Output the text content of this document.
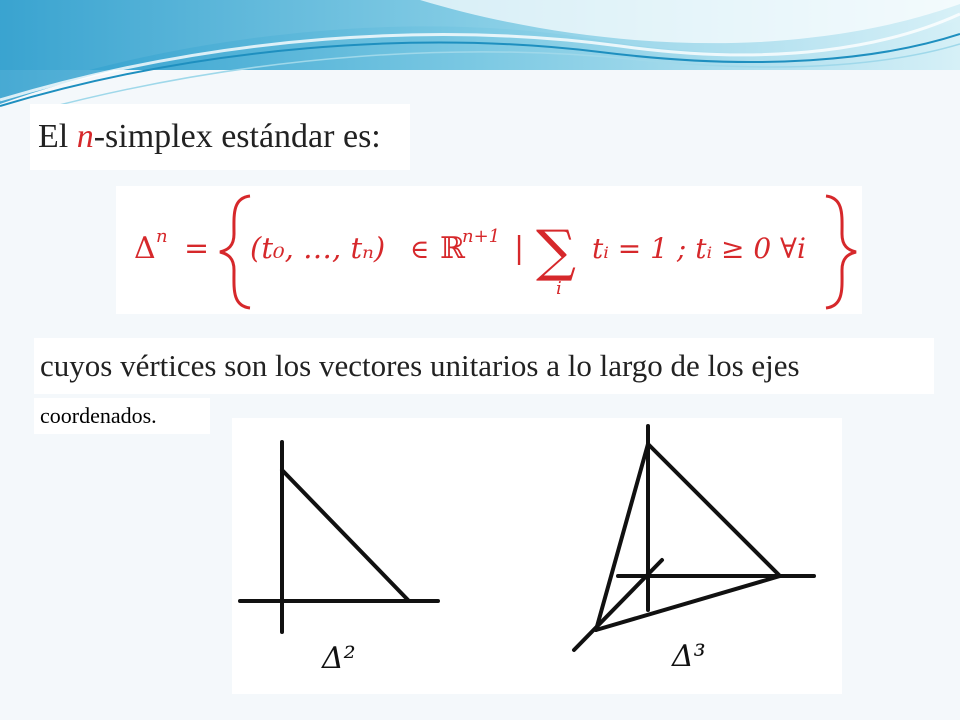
El n-simplex estándar es:
Δ n = (t₀, …, tₙ) ∈ ℝ
n+1 | ∑
i
tᵢ = 1 ; tᵢ ≥ 0 ∀i
cuyos vértices son los vectores unitarios a lo largo de los ejes
coordenados.
Δ²	Δ³
